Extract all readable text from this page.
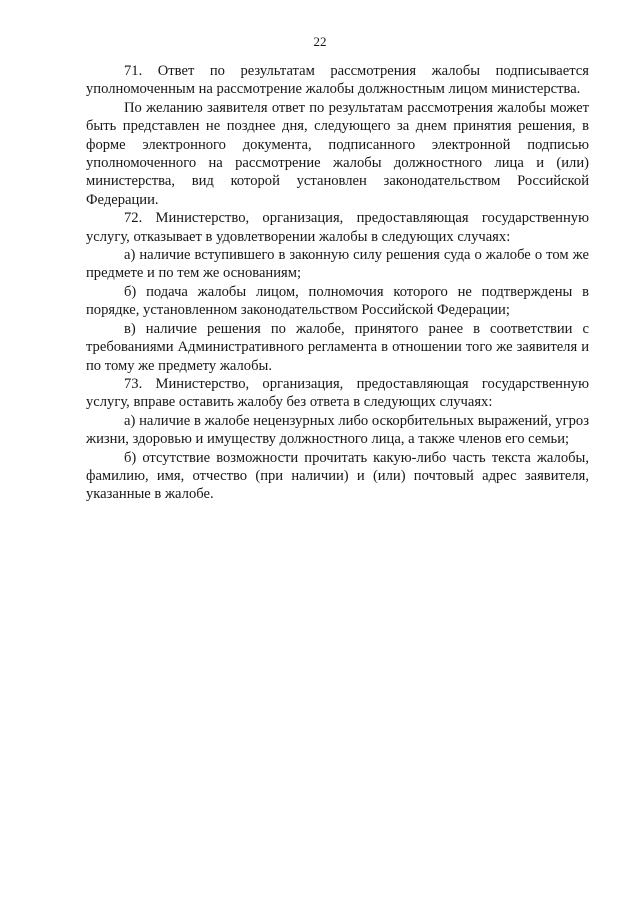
22

71. Ответ по результатам рассмотрения жалобы подписывается уполномоченным на рассмотрение жалобы должностным лицом министерства.

По желанию заявителя ответ по результатам рассмотрения жалобы может быть представлен не позднее дня, следующего за днем принятия решения, в форме электронного документа, подписанного электронной подписью уполномоченного на рассмотрение жалобы должностного лица и (или) министерства, вид которой установлен законодательством Российской Федерации.

72. Министерство, организация, предоставляющая государственную услугу, отказывает в удовлетворении жалобы в следующих случаях:

а) наличие вступившего в законную силу решения суда о жалобе о том же предмете и по тем же основаниям;

б) подача жалобы лицом, полномочия которого не подтверждены в порядке, установленном законодательством Российской Федерации;

в) наличие решения по жалобе, принятого ранее в соответствии с требованиями Административного регламента в отношении того же заявителя и по тому же предмету жалобы.

73. Министерство, организация, предоставляющая государственную услугу, вправе оставить жалобу без ответа в следующих случаях:

а) наличие в жалобе нецензурных либо оскорбительных выражений, угроз жизни, здоровью и имуществу должностного лица, а также членов его семьи;

б) отсутствие возможности прочитать какую-либо часть текста жалобы, фамилию, имя, отчество (при наличии) и (или) почтовый адрес заявителя, указанные в жалобе.
